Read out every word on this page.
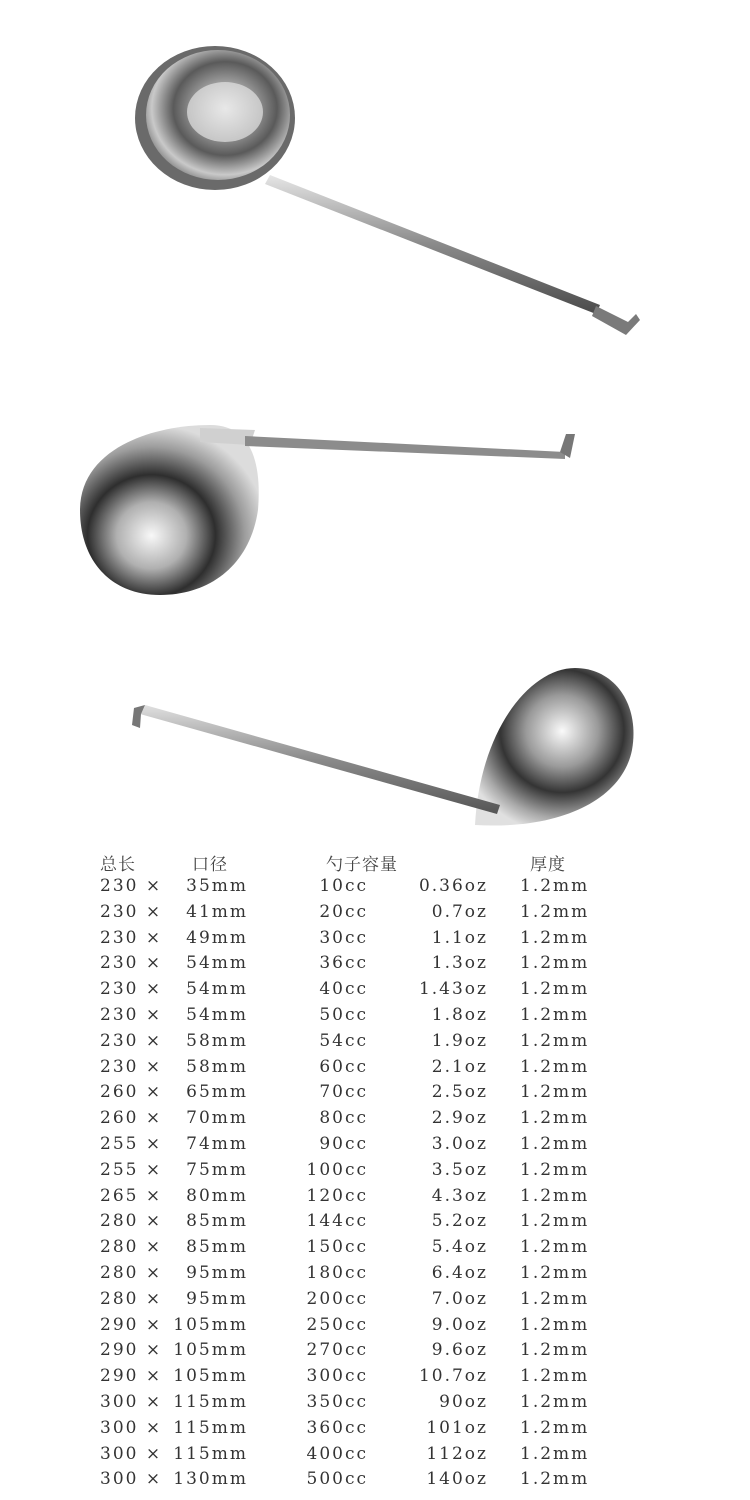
总长	口径	勺子容量	厚度
230 × 35mm	10cc	0.36oz 1.2mm
230 × 41mm	20cc	0.7oz 1.2mm
230 × 49mm	30cc	1.1oz 1.2mm
230 × 54mm	36cc	1.3oz 1.2mm
230 × 54mm	40cc	1.43oz 1.2mm
230 × 54mm	50cc	1.8oz 1.2mm
230 × 58mm	54cc	1.9oz 1.2mm
230 × 58mm	60cc	2.1oz 1.2mm
260 × 65mm	70cc	2.5oz 1.2mm
260 × 70mm	80cc	2.9oz 1.2mm
255 × 74mm	90cc	3.0oz 1.2mm
255 × 75mm	100cc	3.5oz 1.2mm
265 × 80mm	120cc	4.3oz 1.2mm
280 × 85mm	144cc	5.2oz 1.2mm
280 × 85mm	150cc	5.4oz 1.2mm
280 × 95mm	180cc	6.4oz 1.2mm
280 × 95mm	200cc	7.0oz 1.2mm
290 × 105mm	250cc	9.0oz 1.2mm
290 × 105mm	270cc	9.6oz 1.2mm
290 × 105mm	300cc	10.7oz 1.2mm
300 × 115mm	350cc	90oz 1.2mm
300 × 115mm	360cc	101oz 1.2mm
300 × 115mm	400cc	112oz 1.2mm
300 × 130mm	500cc	140oz 1.2mm
